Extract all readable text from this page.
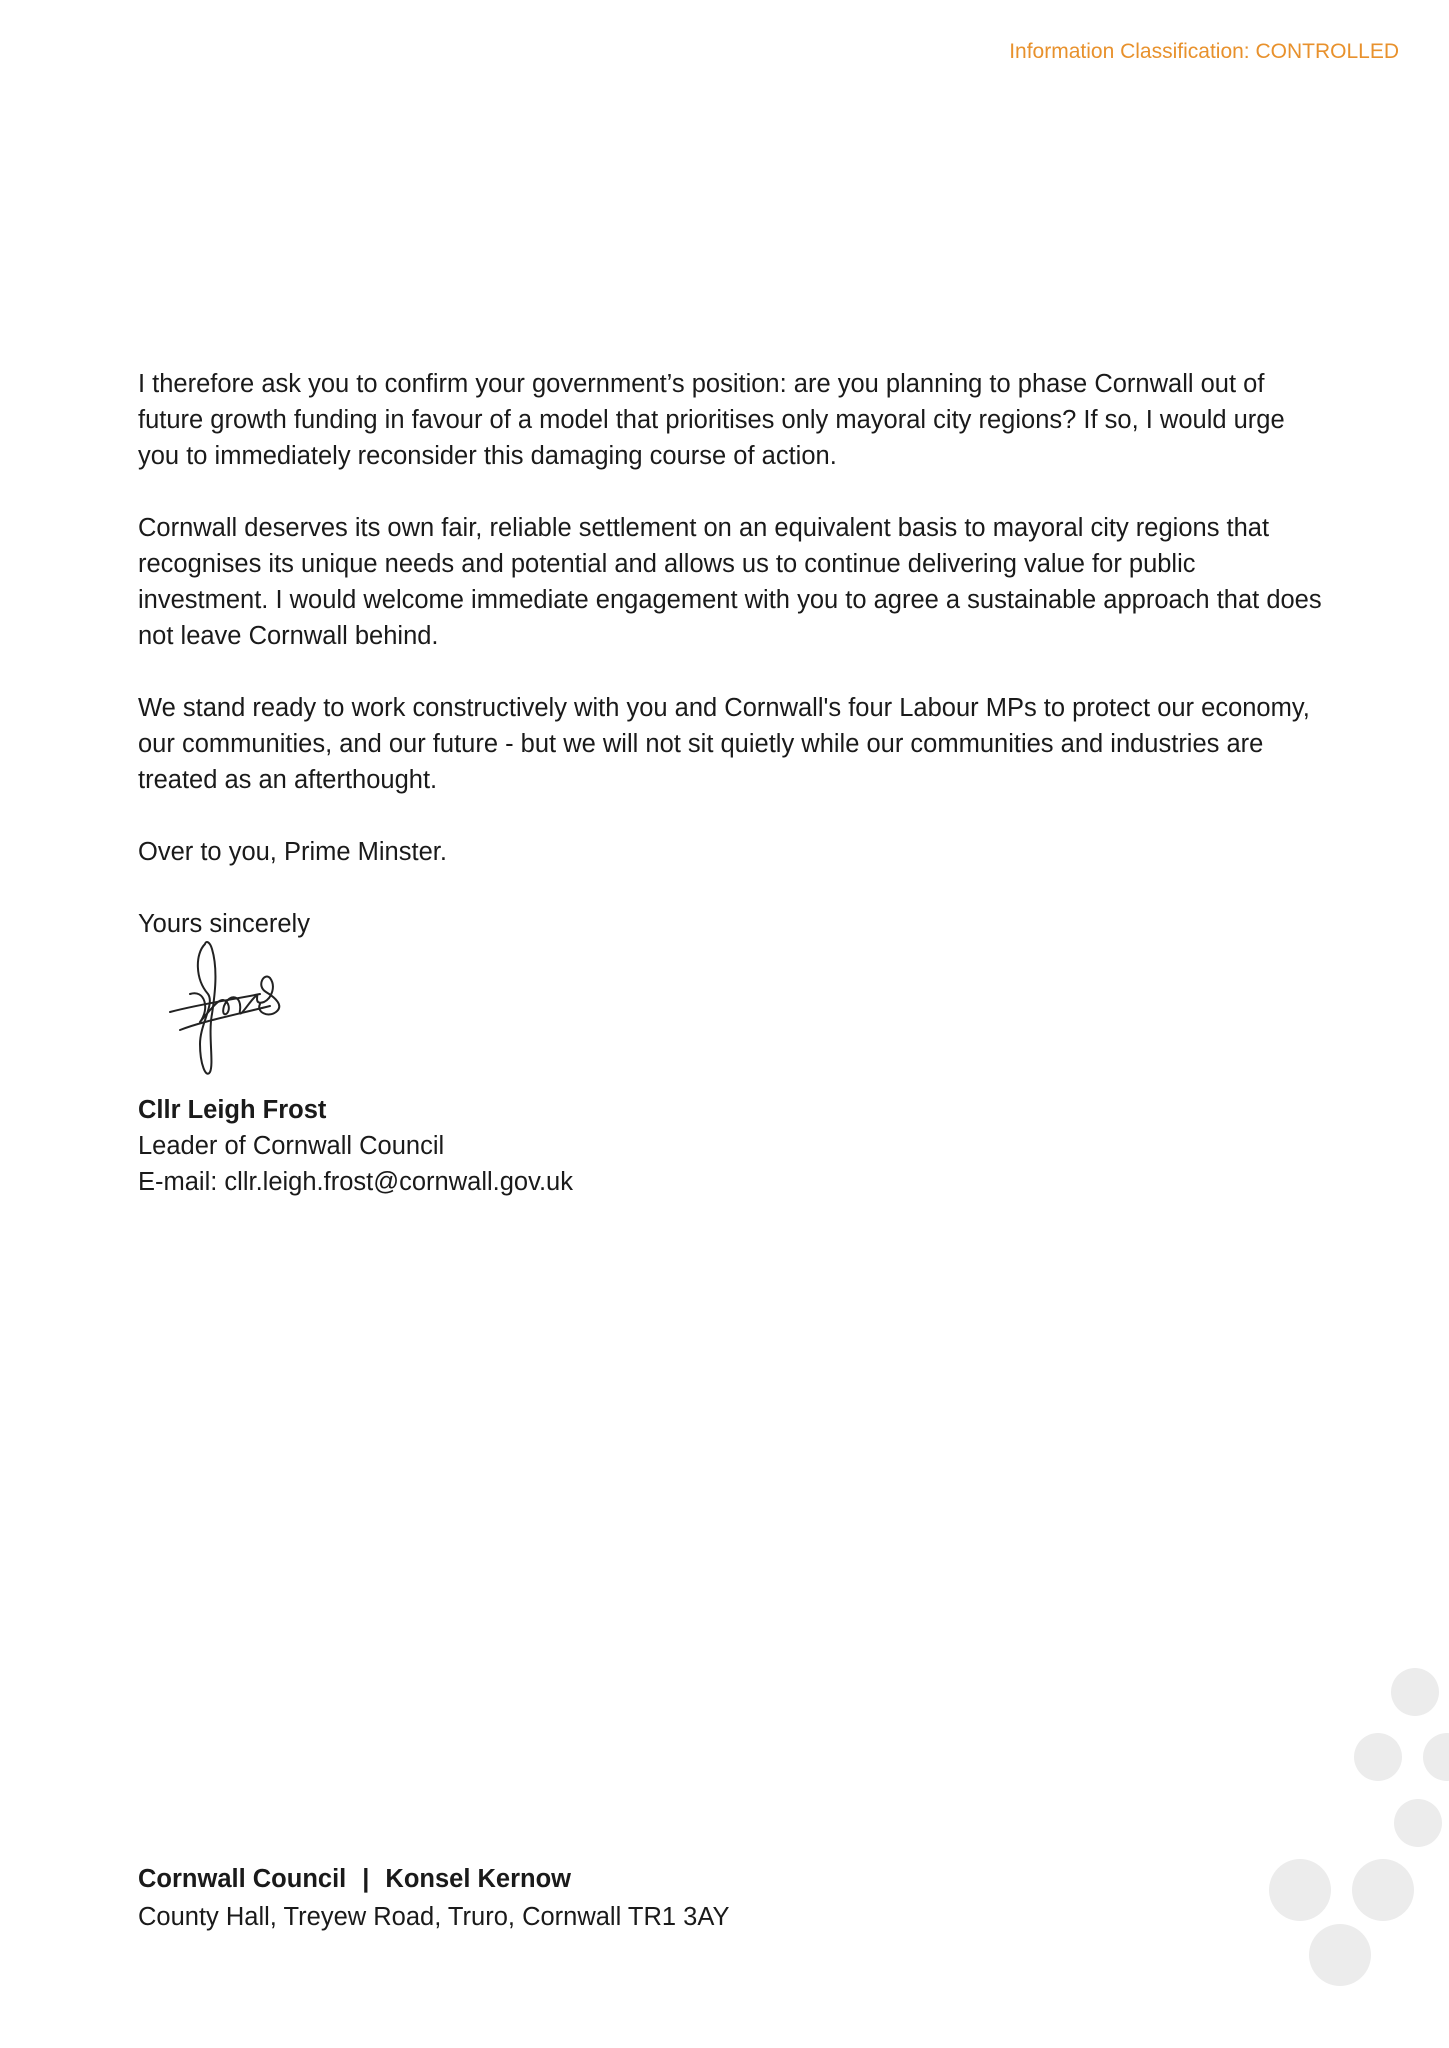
Information Classification: CONTROLLED

I therefore ask you to confirm your government’s position: are you planning to phase Cornwall out of future growth funding in favour of a model that prioritises only mayoral city regions? If so, I would urge you to immediately reconsider this damaging course of action.

Cornwall deserves its own fair, reliable settlement on an equivalent basis to mayoral city regions that recognises its unique needs and potential and allows us to continue delivering value for public investment. I would welcome immediate engagement with you to agree a sustainable approach that does not leave Cornwall behind.

We stand ready to work constructively with you and Cornwall's four Labour MPs to protect our economy, our communities, and our future - but we will not sit quietly while our communities and industries are treated as an afterthought.

Over to you, Prime Minster.

Yours sincerely

Cllr Leigh Frost
Leader of Cornwall Council
E-mail: cllr.leigh.frost@cornwall.gov.uk
Cornwall Council | Konsel Kernow
County Hall, Treyew Road, Truro, Cornwall TR1 3AY
